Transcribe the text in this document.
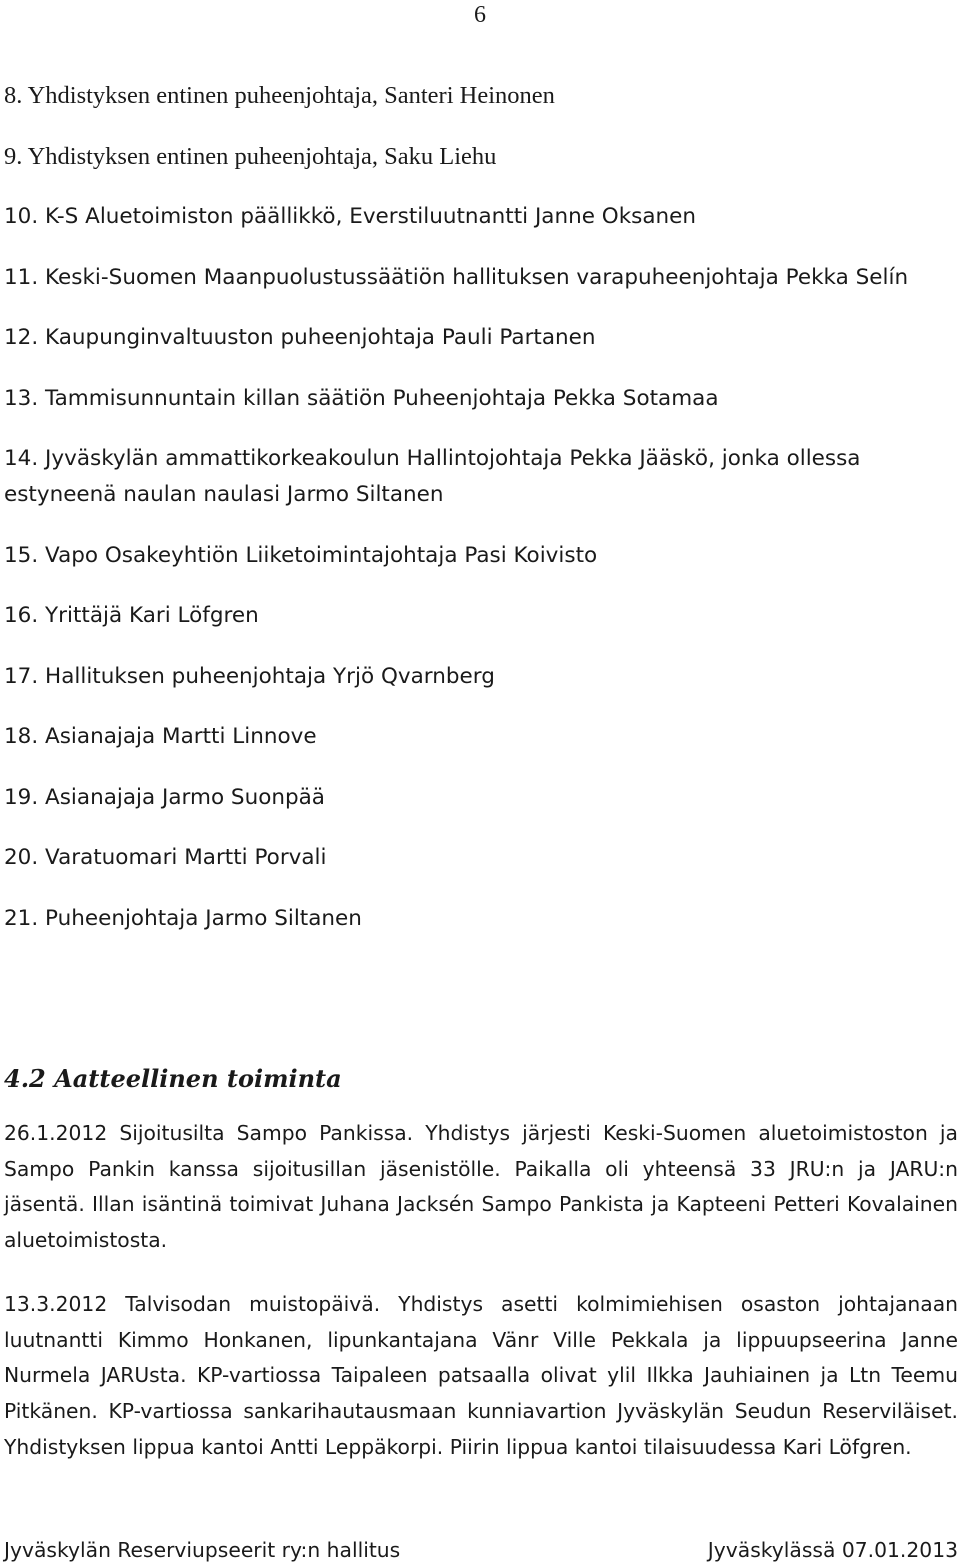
6
8. Yhdistyksen entinen puheenjohtaja, Santeri Heinonen
9. Yhdistyksen entinen puheenjohtaja, Saku Liehu
10. K-S Aluetoimiston päällikkö, Everstiluutnantti Janne Oksanen
11. Keski-Suomen Maanpuolustussäätiön hallituksen varapuheenjohtaja Pekka Selín
12. Kaupunginvaltuuston puheenjohtaja Pauli Partanen
13. Tammisunnuntain killan säätiön Puheenjohtaja Pekka Sotamaa
14. Jyväskylän ammattikorkeakoulun Hallintojohtaja Pekka Jääskö, jonka ollessa estyneenä naulan naulasi Jarmo Siltanen
15. Vapo Osakeyhtiön Liiketoimintajohtaja Pasi Koivisto
16. Yrittäjä Kari Löfgren
17. Hallituksen puheenjohtaja Yrjö Qvarnberg
18. Asianajaja Martti Linnove
19. Asianajaja Jarmo Suonpää
20. Varatuomari Martti Porvali
21. Puheenjohtaja Jarmo Siltanen
4.2 Aatteellinen toiminta

26.1.2012 Sijoitusilta Sampo Pankissa. Yhdistys järjesti Keski-Suomen aluetoimistoston ja Sampo Pankin kanssa sijoitusillan jäsenistölle. Paikalla oli yhteensä 33 JRU:n ja JARU:n jäsentä. Illan isäntinä toimivat Juhana Jacksén Sampo Pankista ja Kapteeni Petteri Kovalainen aluetoimistosta.

13.3.2012 Talvisodan muistopäivä. Yhdistys asetti kolmimiehisen osaston johtajanaan luutnantti Kimmo Honkanen, lipunkantajana Vänr Ville Pekkala ja lippuupseerina Janne Nurmela JARUsta. KP-vartiossa Taipaleen patsaalla olivat ylil Ilkka Jauhiainen ja Ltn Teemu Pitkänen. KP-vartiossa sankarihautausmaan kunniavartion Jyväskylän Seudun Reserviläiset. Yhdistyksen lippua kantoi Antti Leppäkorpi. Piirin lippua kantoi tilaisuudessa Kari Löfgren.

Jyväskylän Reserviupseerit ry:n hallitus	Jyväskylässä 07.01.2013
